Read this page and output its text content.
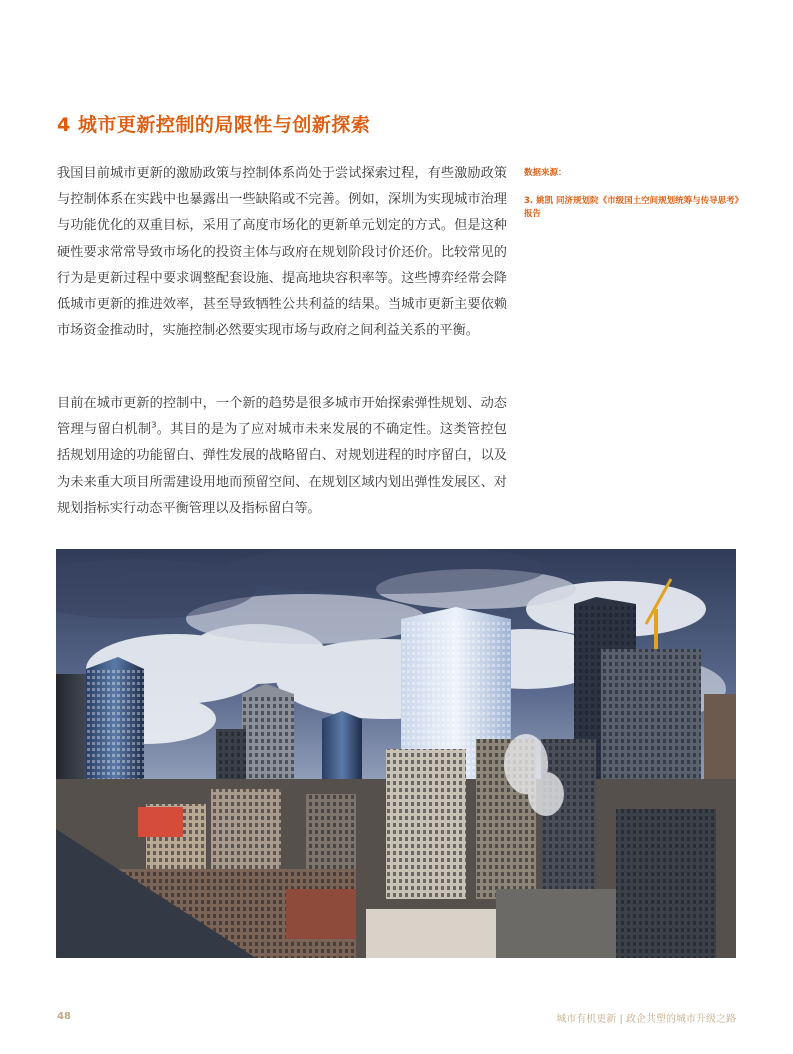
4 城市更新控制的局限性与创新探索

我国目前城市更新的激励政策与控制体系尚处于尝试探索过程，有些激励政策与控制体系在实践中也暴露出一些缺陷或不完善。例如，深圳为实现城市治理与功能优化的双重目标，采用了高度市场化的更新单元划定的方式。但是这种硬性要求常常导致市场化的投资主体与政府在规划阶段讨价还价。比较常见的行为是更新过程中要求调整配套设施、提高地块容积率等。这些博弈经常会降低城市更新的推进效率，甚至导致牺牲公共利益的结果。当城市更新主要依赖市场资金推动时，实施控制必然要实现市场与政府之间利益关系的平衡。

目前在城市更新的控制中，一个新的趋势是很多城市开始探索弹性规划、动态管理与留白机制$^3$。其目的是为了应对城市未来发展的不确定性。这类管控包括规划用途的功能留白、弹性发展的战略留白、对规划进程的时序留白，以及为未来重大项目所需建设用地而预留空间、在规划区域内划出弹性发展区、对规划指标实行动态平衡管理以及指标留白等。

数据来源：
3. 姚凯 同济规划院《市级国土空间规划统筹与传导思考》报告
48	城市有机更新 | 政企共塑的城市升级之路
